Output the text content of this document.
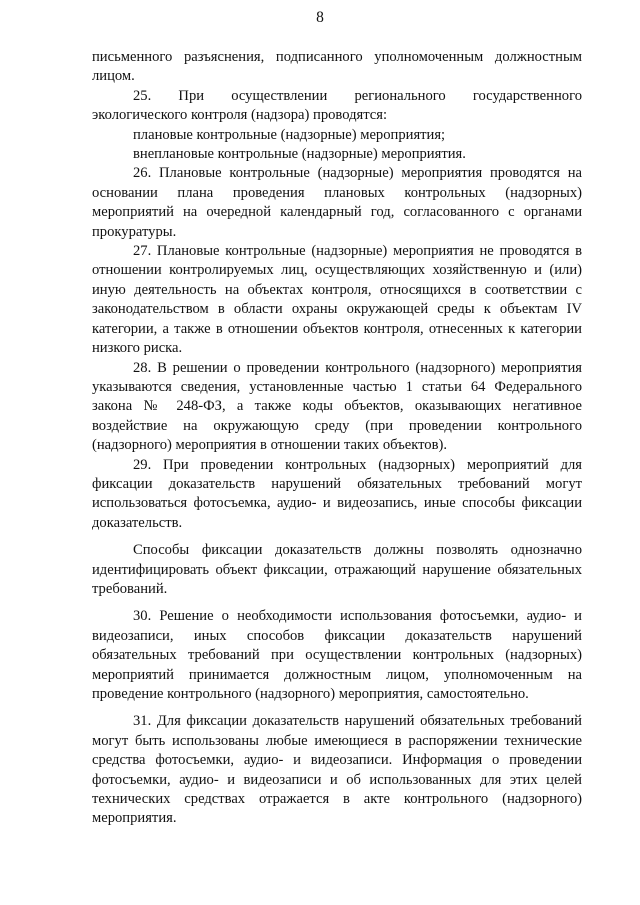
8

письменного разъяснения, подписанного уполномоченным должностным лицом.

25. При осуществлении регионального государственного экологического контроля (надзора) проводятся:

плановые контрольные (надзорные) мероприятия;

внеплановые контрольные (надзорные) мероприятия.

26. Плановые контрольные (надзорные) мероприятия проводятся на основании плана проведения плановых контрольных (надзорных) мероприятий на очередной календарный год, согласованного с органами прокуратуры.

27. Плановые контрольные (надзорные) мероприятия не проводятся в отношении контролируемых лиц, осуществляющих хозяйственную и (или) иную деятельность на объектах контроля, относящихся в соответствии с законодательством в области охраны окружающей среды к объектам IV категории, а также в отношении объектов контроля, отнесенных к категории низкого риска.

28. В решении о проведении контрольного (надзорного) мероприятия указываются сведения, установленные частью 1 статьи 64 Федерального закона № 248-ФЗ, а также коды объектов, оказывающих негативное воздействие на окружающую среду (при проведении контрольного (надзорного) мероприятия в отношении таких объектов).

29. При проведении контрольных (надзорных) мероприятий для фиксации доказательств нарушений обязательных требований могут использоваться фотосъемка, аудио- и видеозапись, иные способы фиксации доказательств.

Способы фиксации доказательств должны позволять однозначно идентифицировать объект фиксации, отражающий нарушение обязательных требований.

30. Решение о необходимости использования фотосъемки, аудио- и видеозаписи, иных способов фиксации доказательств нарушений обязательных требований при осуществлении контрольных (надзорных) мероприятий принимается должностным лицом, уполномоченным на проведение контрольного (надзорного) мероприятия, самостоятельно.

31. Для фиксации доказательств нарушений обязательных требований могут быть использованы любые имеющиеся в распоряжении технические средства фотосъемки, аудио- и видеозаписи. Информация о проведении фотосъемки, аудио- и видеозаписи и об использованных для этих целей технических средствах отражается в акте контрольного (надзорного) мероприятия.
